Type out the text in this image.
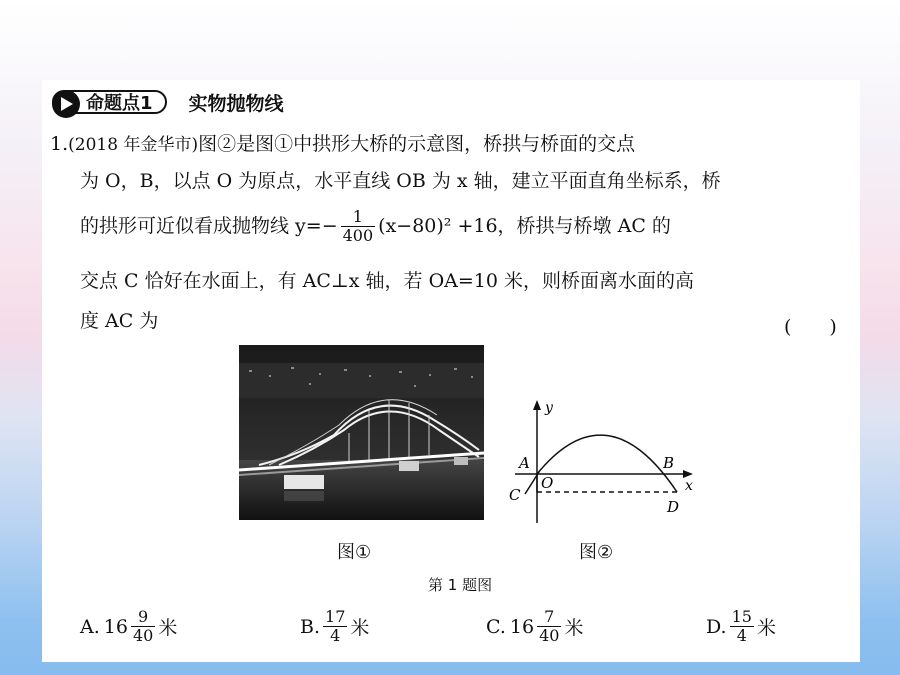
命题点1 实物抛物线
1.(2018 年金华市)图②是图①中拱形大桥的示意图，桥拱与桥面的交点
为 O，B，以点 O 为原点，水平直线 OB 为 x 轴，建立平面直角坐标系，桥
的拱形可近似看成抛物线 $y=- \frac{1}{400} (x-80)^2 +16$，桥拱与桥墩 AC 的
交点 C 恰好在水面上，有 AC⊥x 轴，若 OA=10 米，则桥面离水面的高
度 AC 为	(　　)
y
x
A
O
B
C
D
图①	图②
第 1 题图
A. $16 \frac{9}{40}$ 米	B. $\frac{17}{4}$ 米	C. $16 \frac{7}{40}$ 米	D. $\frac{15}{4}$ 米
